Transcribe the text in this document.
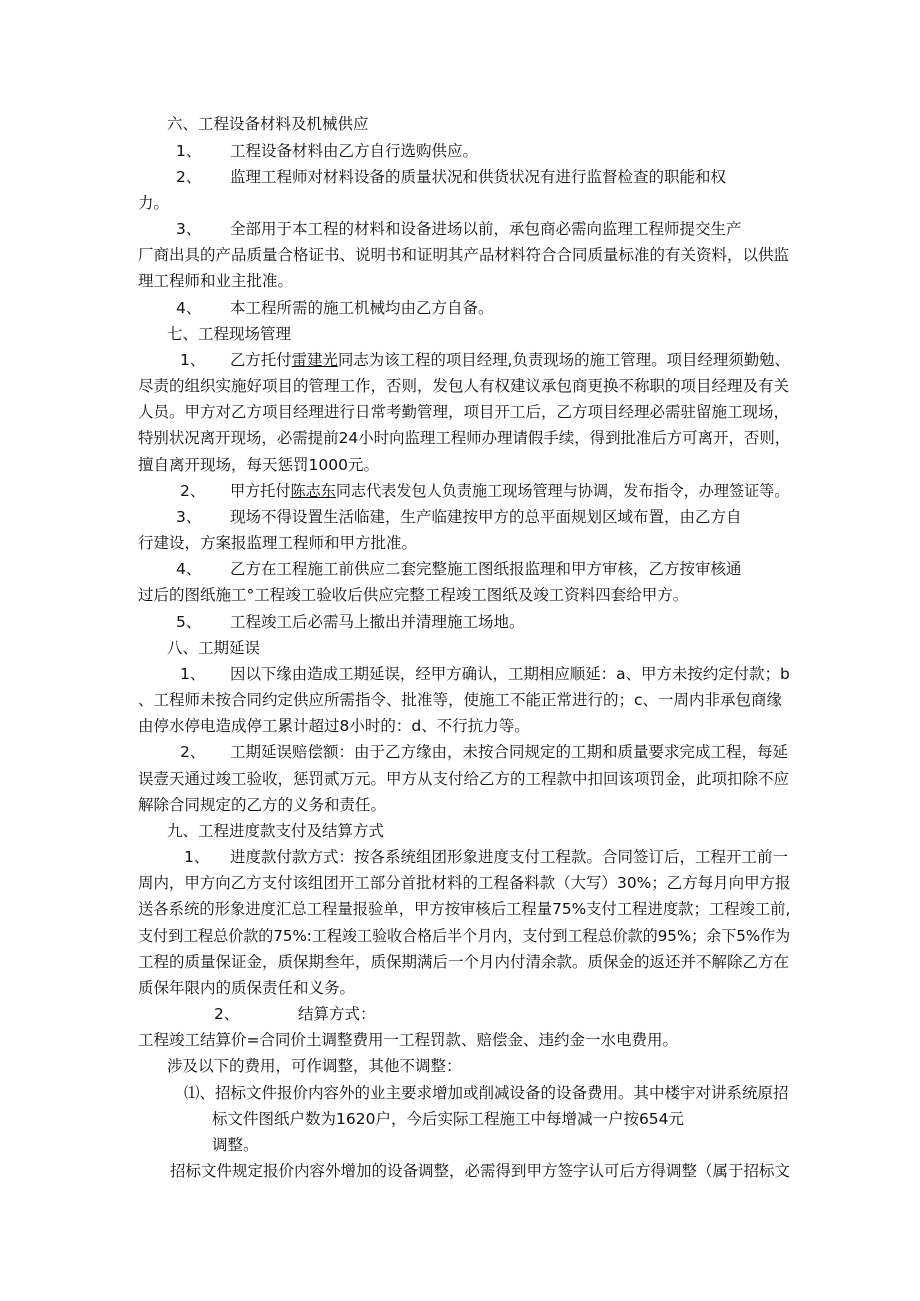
六、工程设备材料及机械供应
1、 工程设备材料由乙方自行选购供应。
2、 监理工程师对材料设备的质量状况和供货状况有进行监督检查的职能和权
力。
3、 全部用于本工程的材料和设备进场以前，承包商必需向监理工程师提交生产
厂商出具的产品质量合格证书、说明书和证明其产品材料符合合同质量标准的有关资料，以供监
理工程师和业主批准。
4、 本工程所需的施工机械均由乙方自备。
七、工程现场管理
1、 乙方托付雷建光同志为该工程的项目经理,负责现场的施工管理。项目经理须勤勉、
尽责的组织实施好项目的管理工作，否则，发包人有权建议承包商更换不称职的项目经理及有关
人员。甲方对乙方项目经理进行日常考勤管理，项目开工后，乙方项目经理必需驻留施工现场，
特别状况离开现场，必需提前24小时向监理工程师办理请假手续，得到批准后方可离开，否则，
擅自离开现场，每天惩罚1000元。
2、 甲方托付陈志东同志代表发包人负责施工现场管理与协调，发布指令，办理签证等。
3、 现场不得设置生活临建，生产临建按甲方的总平面规划区域布置，由乙方自
行建设，方案报监理工程师和甲方批准。
4、 乙方在工程施工前供应二套完整施工图纸报监理和甲方审核，乙方按审核通
过后的图纸施工°工程竣工验收后供应完整工程竣工图纸及竣工资料四套给甲方。
5、 工程竣工后必需马上撤出并清理施工场地。
八、工期延误
1、 因以下缘由造成工期延误，经甲方确认，工期相应顺延：a、甲方未按约定付款；b
、工程师未按合同约定供应所需指令、批准等，使施工不能正常进行的；c、一周内非承包商缘
由停水停电造成停工累计超过8小时的：d、不行抗力等。
2、 工期延误赔偿额：由于乙方缘由，未按合同规定的工期和质量要求完成工程，每延
误壹天通过竣工验收，惩罚贰万元。甲方从支付给乙方的工程款中扣回该项罚金，此项扣除不应
解除合同规定的乙方的义务和责任。
九、工程进度款支付及结算方式
1、 进度款付款方式：按各系统组团形象进度支付工程款。合同签订后，工程开工前一
周内，甲方向乙方支付该组团开工部分首批材料的工程备料款（大写）30%；乙方每月向甲方报
送各系统的形象进度汇总工程量报验单，甲方按审核后工程量75%支付工程进度款；工程竣工前,
支付到工程总价款的75%:工程竣工验收合格后半个月内，支付到工程总价款的95%；余下5%作为
工程的质量保证金，质保期叁年，质保期满后一个月内付清余款。质保金的返还并不解除乙方在
质保年限内的质保责任和义务。
2、	结算方式：
工程竣工结算价=合同价土调整费用一工程罚款、赔偿金、违约金一水电费用。
涉及以下的费用，可作调整，其他不调整：
⑴、招标文件报价内容外的业主要求增加或削减设备的设备费用。其中楼宇对讲系统原招
标文件图纸户数为1620户，今后实际工程施工中每增减一户按654元
调整。
招标文件规定报价内容外增加的设备调整，必需得到甲方签字认可后方得调整（属于招标文
